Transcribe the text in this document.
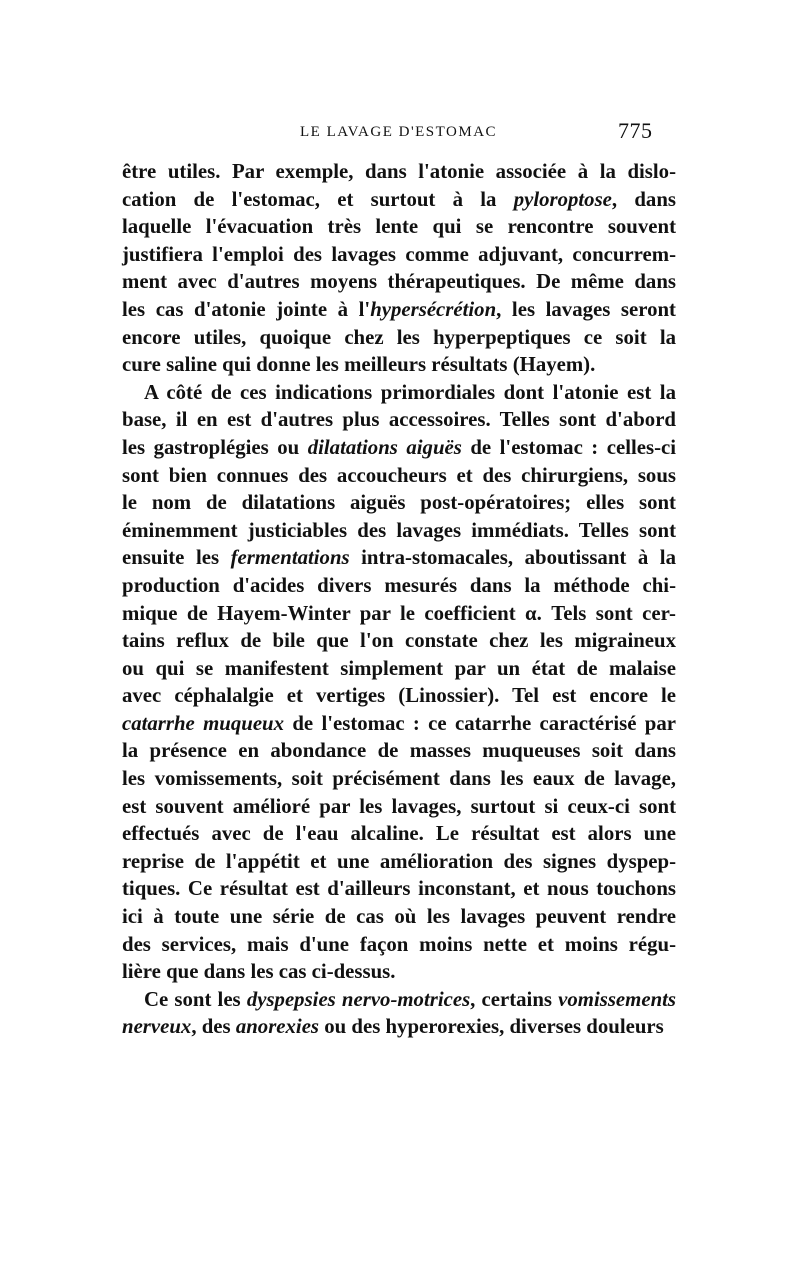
LE LAVAGE D'ESTOMAC	775
être utiles. Par exemple, dans l'atonie associée à la dislo-
cation de l'estomac, et surtout à la pyloroptose, dans
laquelle l'évacuation très lente qui se rencontre souvent
justifiera l'emploi des lavages comme adjuvant, concurrem-
ment avec d'autres moyens thérapeutiques. De même dans
les cas d'atonie jointe à l'hypersécrétion, les lavages seront
encore utiles, quoique chez les hyperpeptiques ce soit la
cure saline qui donne les meilleurs résultats (Hayem).
A côté de ces indications primordiales dont l'atonie est la
base, il en est d'autres plus accessoires. Telles sont d'abord
les gastroplégies ou dilatations aiguës de l'estomac : celles-ci
sont bien connues des accoucheurs et des chirurgiens, sous
le nom de dilatations aiguës post-opératoires; elles sont
éminemment justiciables des lavages immédiats. Telles sont
ensuite les fermentations intra-stomacales, aboutissant à la
production d'acides divers mesurés dans la méthode chi-
mique de Hayem-Winter par le coefficient α. Tels sont cer-
tains reflux de bile que l'on constate chez les migraineux
ou qui se manifestent simplement par un état de malaise
avec céphalalgie et vertiges (Linossier). Tel est encore le
catarrhe muqueux de l'estomac : ce catarrhe caractérisé par
la présence en abondance de masses muqueuses soit dans
les vomissements, soit précisément dans les eaux de lavage,
est souvent amélioré par les lavages, surtout si ceux-ci sont
effectués avec de l'eau alcaline. Le résultat est alors une
reprise de l'appétit et une amélioration des signes dyspep-
tiques. Ce résultat est d'ailleurs inconstant, et nous touchons
ici à toute une série de cas où les lavages peuvent rendre
des services, mais d'une façon moins nette et moins régu-
lière que dans les cas ci-dessus.
Ce sont les dyspepsies nervo-motrices, certains vomissements
nerveux, des anorexies ou des hyperorexies, diverses douleurs
